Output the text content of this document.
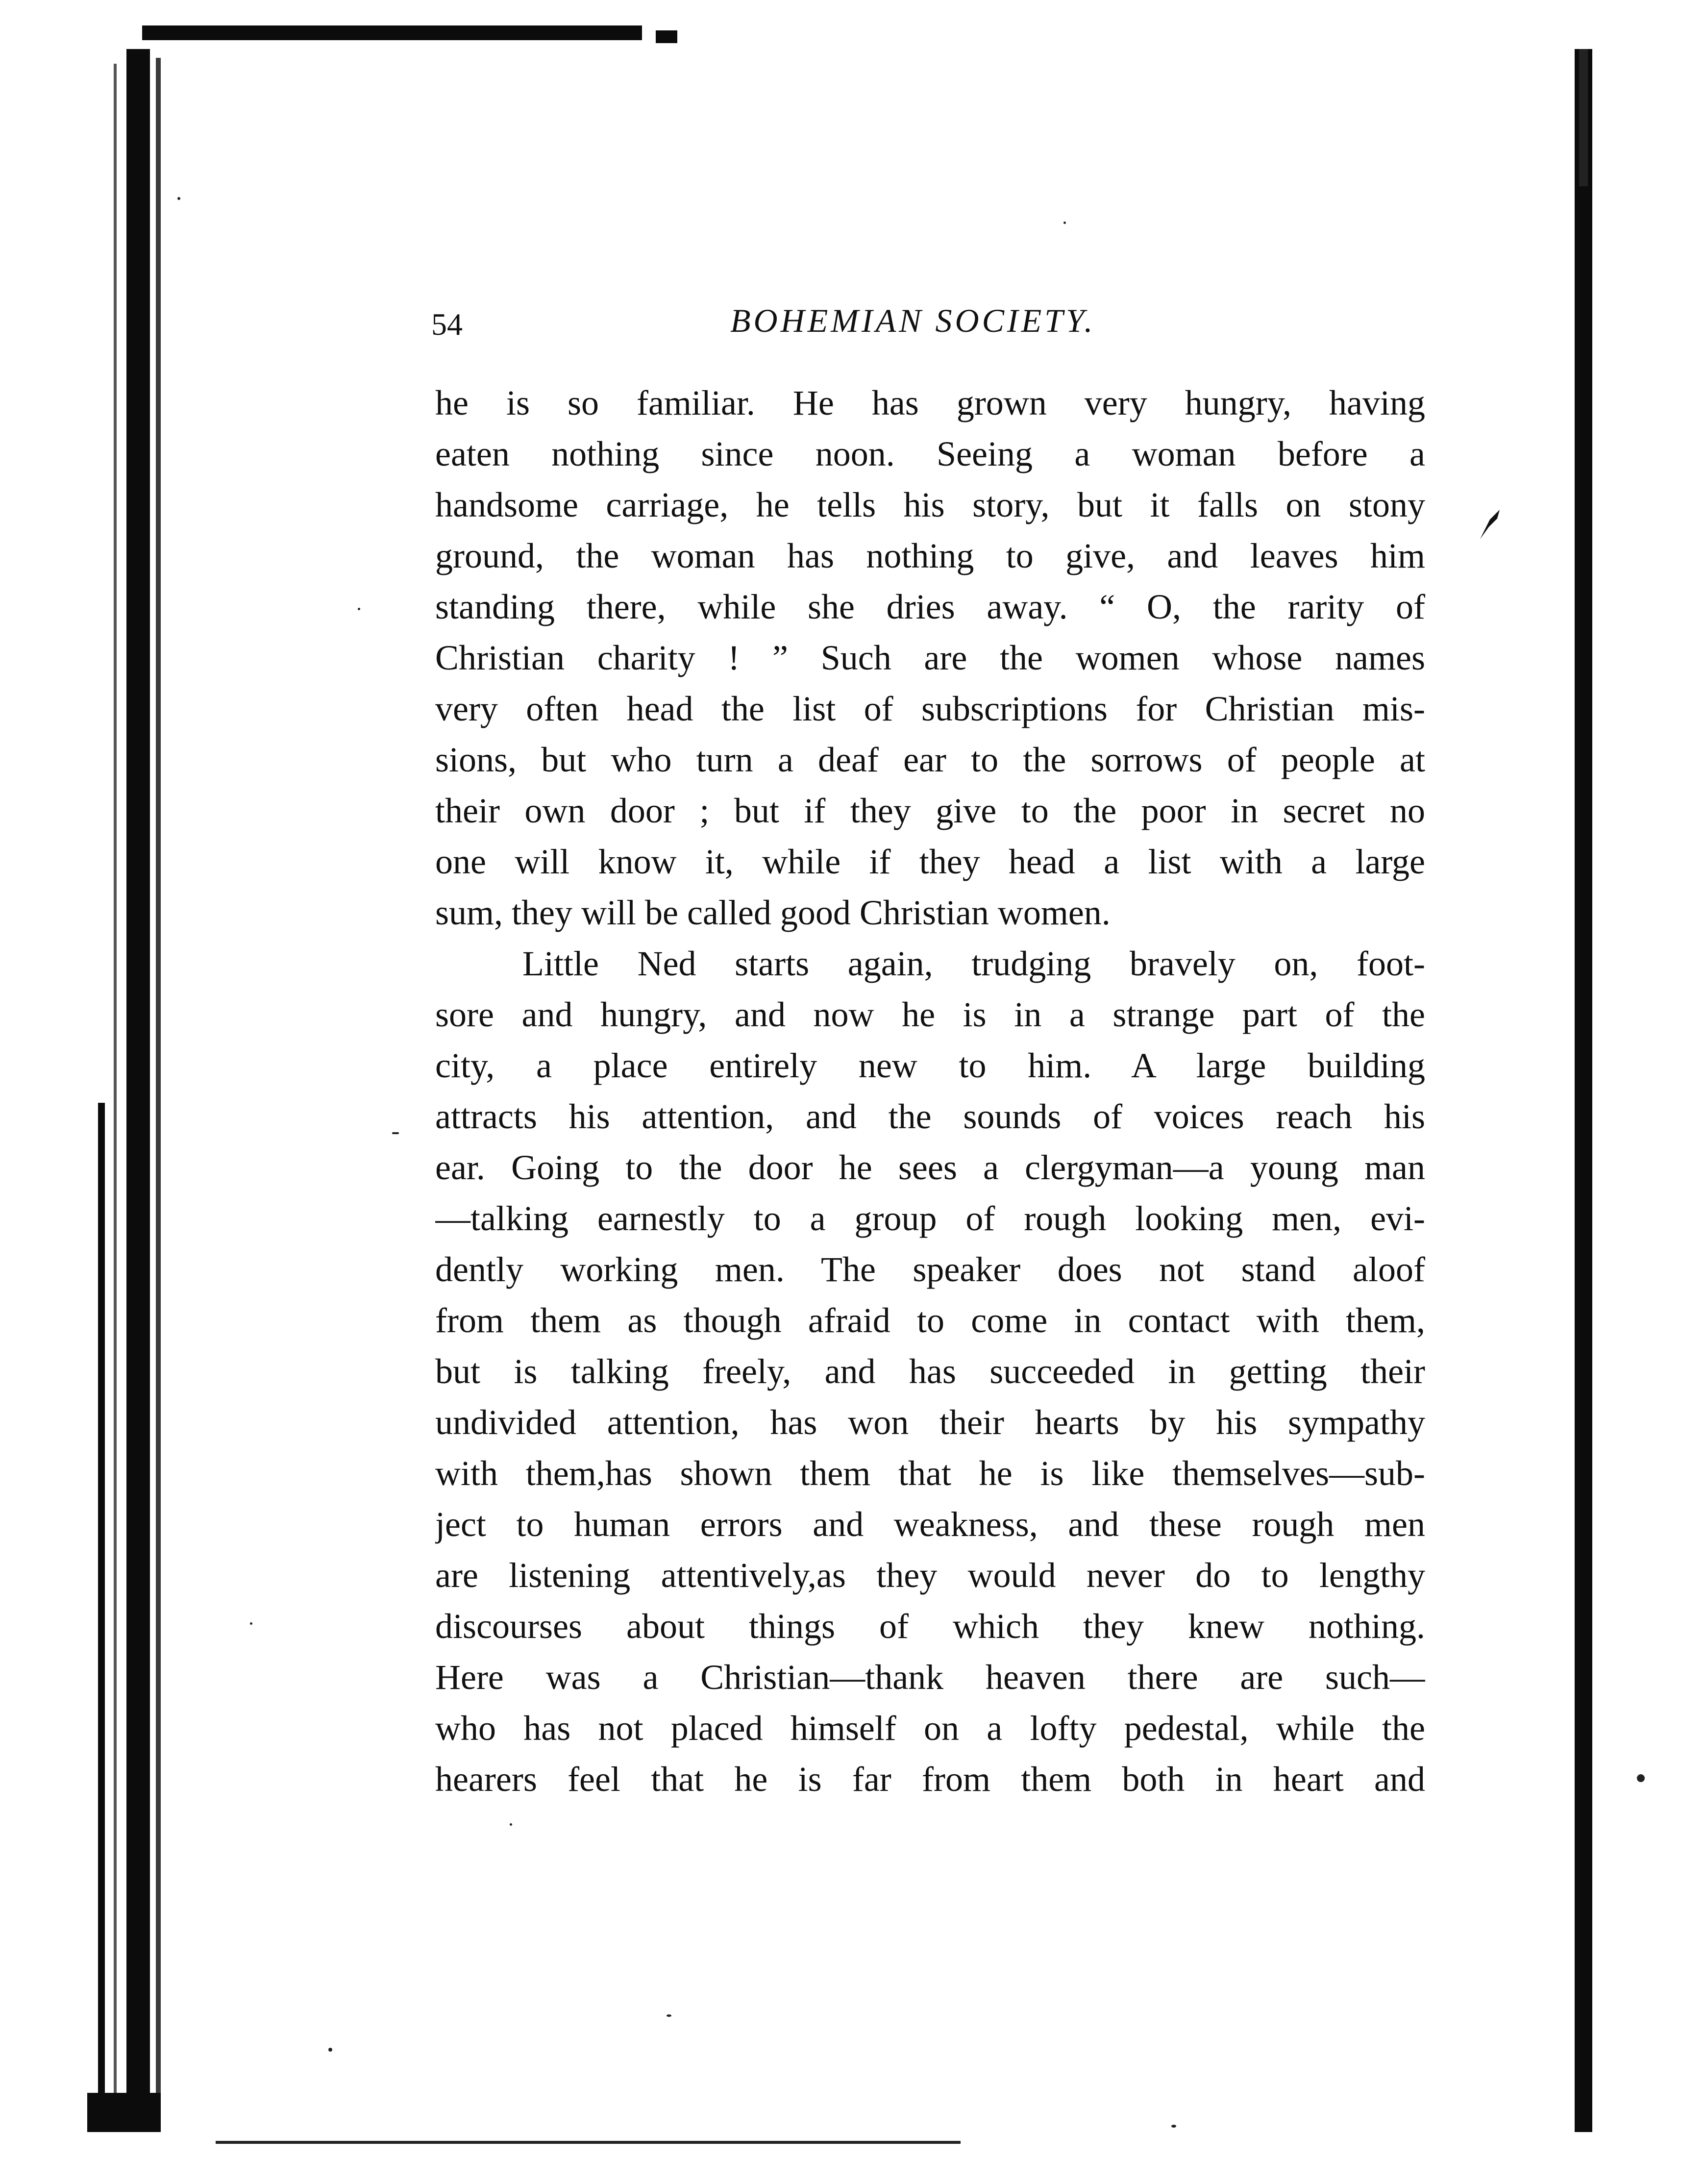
54	BOHEMIAN SOCIETY.

he is so familiar. He has grown very hungry, having
eaten nothing since noon. Seeing a woman before a
handsome carriage, he tells his story, but it falls on stony
ground, the woman has nothing to give, and leaves him
standing there, while she dries away. “ O, the rarity of
Christian charity ! ” Such are the women whose names
very often head the list of subscriptions for Christian mis-
sions, but who turn a deaf ear to the sorrows of people at
their own door ; but if they give to the poor in secret no
one will know it, while if they head a list with a large
sum, they will be called good Christian women.

Little Ned starts again, trudging bravely on, foot-
sore and hungry, and now he is in a strange part of the
city, a place entirely new to him. A large building
attracts his attention, and the sounds of voices reach his
ear. Going to the door he sees a clergyman—a young man
—talking earnestly to a group of rough looking men, evi-
dently working men. The speaker does not stand aloof
from them as though afraid to come in contact with them,
but is talking freely, and has succeeded in getting their
undivided attention, has won their hearts by his sympathy
with them,has shown them that he is like themselves—sub-
ject to human errors and weakness, and these rough men
are listening attentively,as they would never do to lengthy
discourses about things of which they knew nothing.
Here was a Christian—thank heaven there are such—
who has not placed himself on a lofty pedestal, while the
hearers feel that he is far from them both in heart and
